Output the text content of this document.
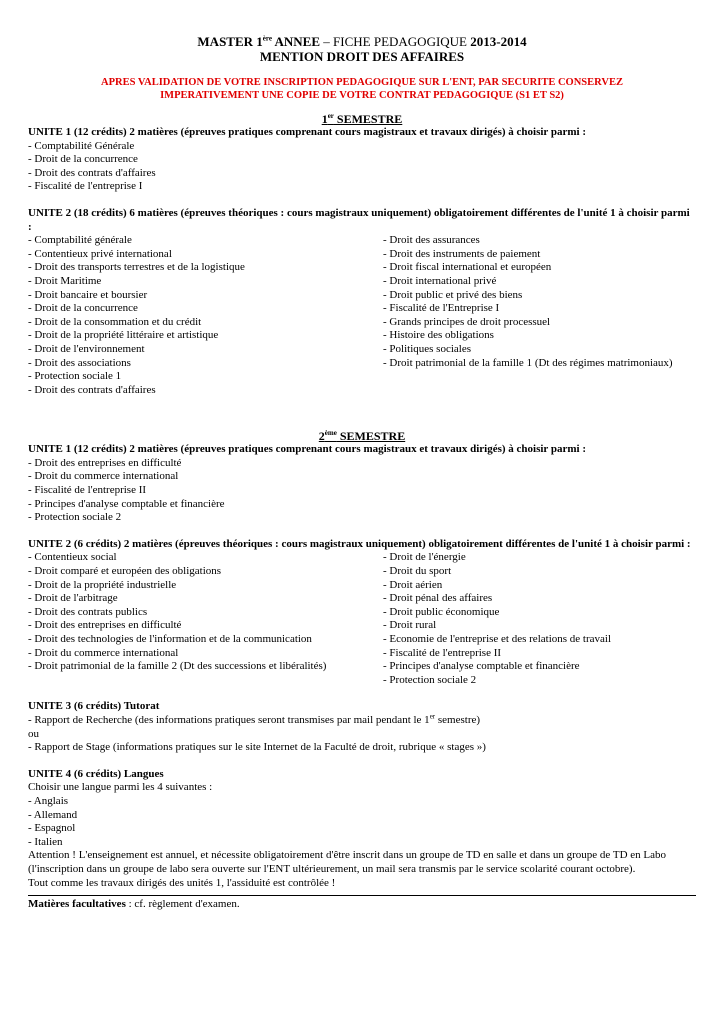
MASTER 1ère ANNEE – FICHE PEDAGOGIQUE 2013-2014
MENTION DROIT DES AFFAIRES
APRES VALIDATION DE VOTRE INSCRIPTION PEDAGOGIQUE SUR L'ENT, PAR SECURITE CONSERVEZ
IMPERATIVEMENT UNE COPIE DE VOTRE CONTRAT PEDAGOGIQUE (S1 ET S2)
1er SEMESTRE
UNITE 1 (12 crédits) 2 matières (épreuves pratiques comprenant cours magistraux et travaux dirigés) à choisir parmi :
- Comptabilité Générale
- Droit de la concurrence
- Droit des contrats d'affaires
- Fiscalité de l'entreprise I
UNITE 2 (18 crédits) 6 matières (épreuves théoriques : cours magistraux uniquement) obligatoirement différentes de l'unité 1 à choisir parmi :
- Comptabilité générale
- Contentieux privé international
- Droit des transports terrestres et de la logistique
- Droit Maritime
- Droit bancaire et boursier
- Droit de la concurrence
- Droit de la consommation et du crédit
- Droit de la propriété littéraire et artistique
- Droit de l'environnement
- Droit des associations
- Protection sociale 1
- Droit des contrats d'affaires
- Droit des assurances
- Droit des instruments de paiement
- Droit fiscal international et européen
- Droit international privé
- Droit public et privé des biens
- Fiscalité de l'Entreprise I
- Grands principes de droit processuel
- Histoire des obligations
- Politiques sociales
- Droit patrimonial de la famille 1 (Dt des régimes matrimoniaux)
2ème SEMESTRE
UNITE 1 (12 crédits) 2 matières (épreuves pratiques comprenant cours magistraux et travaux dirigés) à choisir parmi :
- Droit des entreprises en difficulté
- Droit du commerce international
- Fiscalité de l'entreprise II
- Principes d'analyse comptable et financière
- Protection sociale 2
UNITE 2 (6 crédits) 2 matières (épreuves théoriques : cours magistraux uniquement) obligatoirement différentes de l'unité 1 à choisir parmi :
- Contentieux social
- Droit comparé et européen des obligations
- Droit de la propriété industrielle
- Droit de l'arbitrage
- Droit des contrats publics
- Droit des entreprises en difficulté
- Droit des technologies de l'information et de la communication
- Droit du commerce international
- Droit patrimonial de la famille 2 (Dt des successions et libéralités)
- Droit de l'énergie
- Droit du sport
- Droit aérien
- Droit pénal des affaires
- Droit public économique
- Droit rural
- Economie de l'entreprise et des relations de travail
- Fiscalité de l'entreprise II
- Principes d'analyse comptable et financière
- Protection sociale 2
UNITE 3 (6 crédits) Tutorat
- Rapport de Recherche (des informations pratiques seront transmises par mail pendant le 1er semestre)
ou
- Rapport de Stage (informations pratiques sur le site Internet de la Faculté de droit, rubrique « stages »)
UNITE 4 (6 crédits) Langues
Choisir une langue parmi les 4 suivantes :
- Anglais
- Allemand
- Espagnol
- Italien
Attention ! L'enseignement est annuel, et nécessite obligatoirement d'être inscrit dans un groupe de TD en salle et dans un groupe de TD en Labo (l'inscription dans un groupe de labo sera ouverte sur l'ENT ultérieurement, un mail sera transmis par le service scolarité courant octobre).
Tout comme les travaux dirigés des unités 1, l'assiduité est contrôlée !
Matières facultatives : cf. règlement d'examen.
